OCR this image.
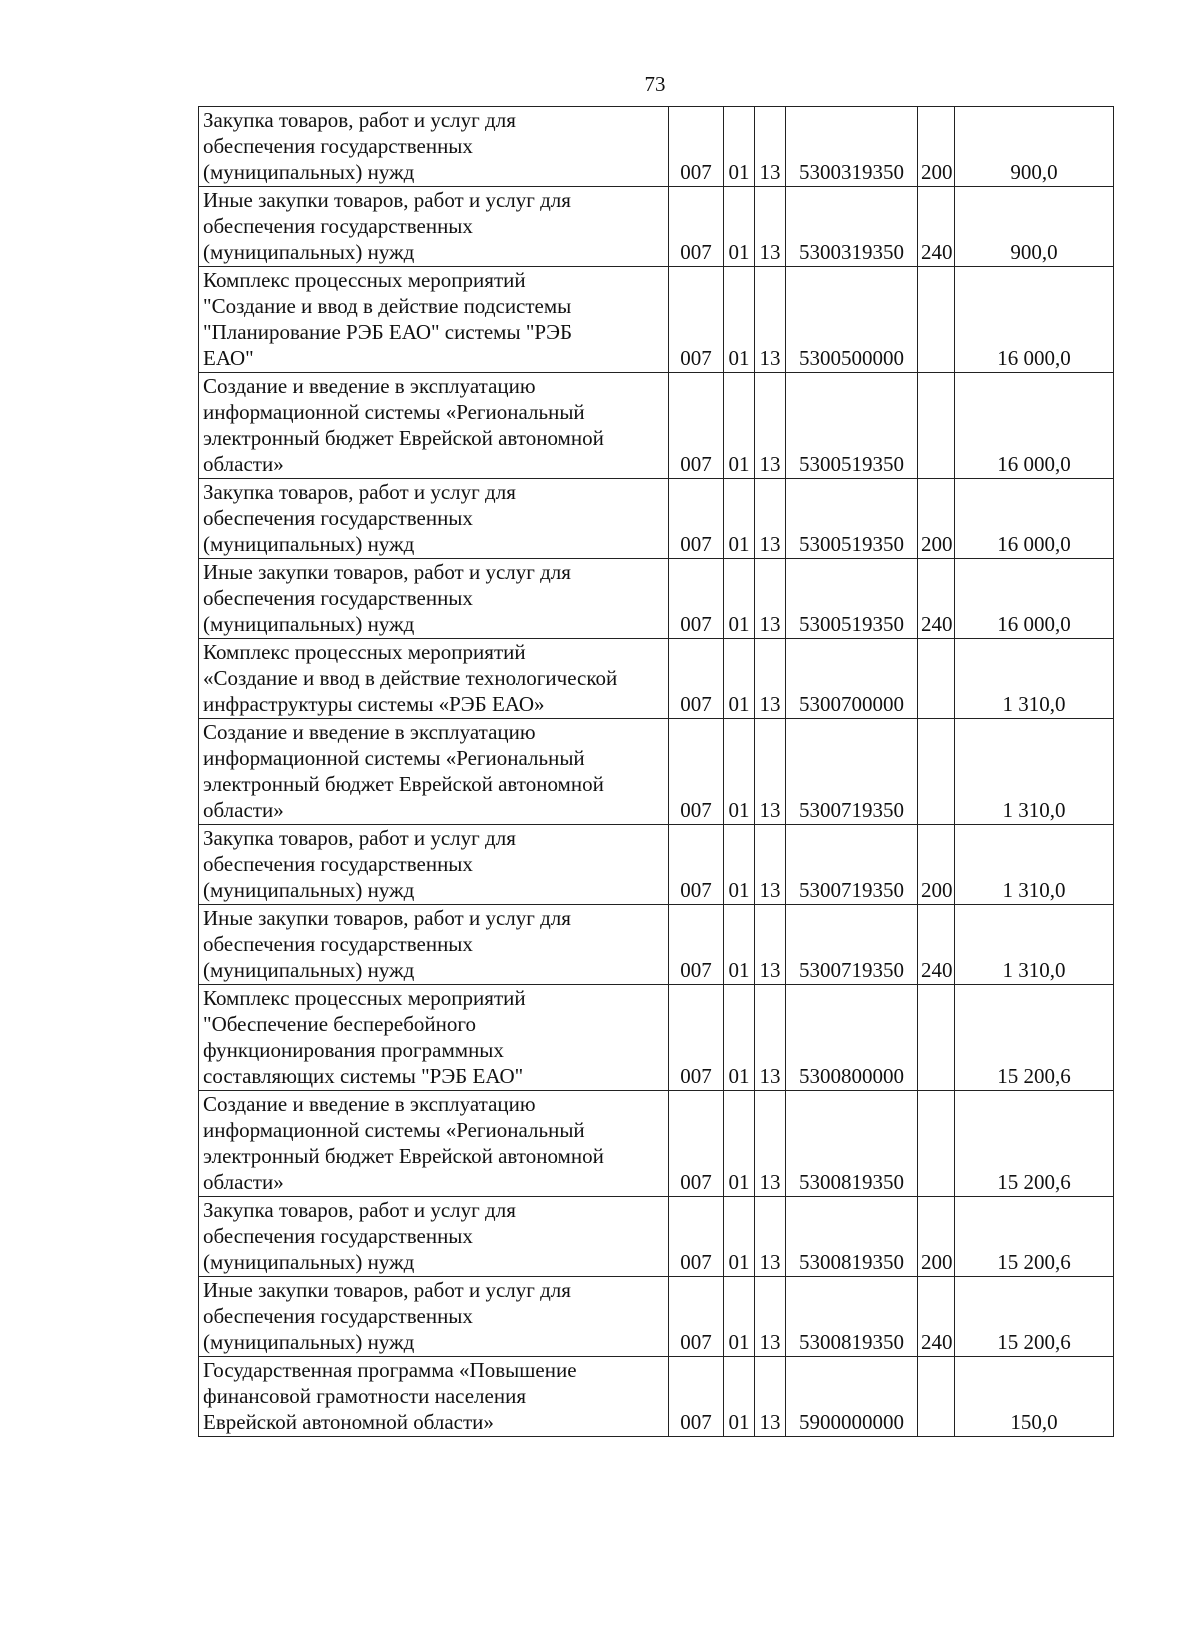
73
Закупка товаров, работ и услуг для
обеспечения государственных
(муниципальных) нужд	007	01	13	5300319350	200	900,0
Иные закупки товаров, работ и услуг для
обеспечения государственных
(муниципальных) нужд	007	01	13	5300319350	240	900,0
Комплекс процессных мероприятий
"Создание и ввод в действие подсистемы
"Планирование РЭБ ЕАО" системы "РЭБ
ЕАО"	007	01	13	5300500000		16 000,0
Создание и введение в эксплуатацию
информационной системы «Региональный
электронный бюджет Еврейской автономной
области»	007	01	13	5300519350		16 000,0
Закупка товаров, работ и услуг для
обеспечения государственных
(муниципальных) нужд	007	01	13	5300519350	200	16 000,0
Иные закупки товаров, работ и услуг для
обеспечения государственных
(муниципальных) нужд	007	01	13	5300519350	240	16 000,0
Комплекс процессных мероприятий
«Создание и ввод в действие технологической
инфраструктуры системы «РЭБ ЕАО»	007	01	13	5300700000		1 310,0
Создание и введение в эксплуатацию
информационной системы «Региональный
электронный бюджет Еврейской автономной
области»	007	01	13	5300719350		1 310,0
Закупка товаров, работ и услуг для
обеспечения государственных
(муниципальных) нужд	007	01	13	5300719350	200	1 310,0
Иные закупки товаров, работ и услуг для
обеспечения государственных
(муниципальных) нужд	007	01	13	5300719350	240	1 310,0
Комплекс процессных мероприятий
"Обеспечение бесперебойного
функционирования программных
составляющих системы "РЭБ ЕАО"	007	01	13	5300800000		15 200,6
Создание и введение в эксплуатацию
информационной системы «Региональный
электронный бюджет Еврейской автономной
области»	007	01	13	5300819350		15 200,6
Закупка товаров, работ и услуг для
обеспечения государственных
(муниципальных) нужд	007	01	13	5300819350	200	15 200,6
Иные закупки товаров, работ и услуг для
обеспечения государственных
(муниципальных) нужд	007	01	13	5300819350	240	15 200,6
Государственная программа «Повышение
финансовой грамотности населения
Еврейской автономной области»	007	01	13	5900000000		150,0
